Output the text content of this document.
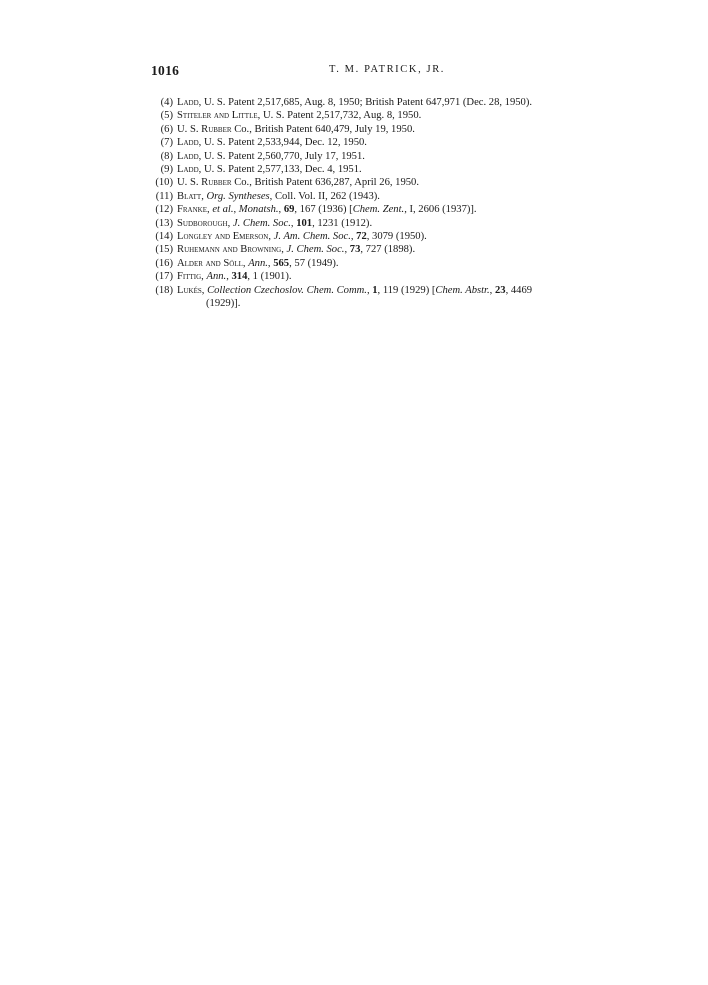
1016	T. M. PATRICK, JR.
(4) Ladd, U. S. Patent 2,517,685, Aug. 8, 1950; British Patent 647,971 (Dec. 28, 1950).
(5) Stiteler and Little, U. S. Patent 2,517,732, Aug. 8, 1950.
(6) U. S. Rubber Co., British Patent 640,479, July 19, 1950.
(7) Ladd, U. S. Patent 2,533,944, Dec. 12, 1950.
(8) Ladd, U. S. Patent 2,560,770, July 17, 1951.
(9) Ladd, U. S. Patent 2,577,133, Dec. 4, 1951.
(10) U. S. Rubber Co., British Patent 636,287, April 26, 1950.
(11) Blatt, Org. Syntheses, Coll. Vol. II, 262 (1943).
(12) Franke, et al., Monatsh., 69, 167 (1936) [Chem. Zent., I, 2606 (1937)].
(13) Sudborough, J. Chem. Soc., 101, 1231 (1912).
(14) Longley and Emerson, J. Am. Chem. Soc., 72, 3079 (1950).
(15) Ruhemann and Browning, J. Chem. Soc., 73, 727 (1898).
(16) Alder and Söll, Ann., 565, 57 (1949).
(17) Fittig, Ann., 314, 1 (1901).
(18) Lukés, Collection Czechoslov. Chem. Comm., 1, 119 (1929) [Chem. Abstr., 23, 4469
(1929)].
